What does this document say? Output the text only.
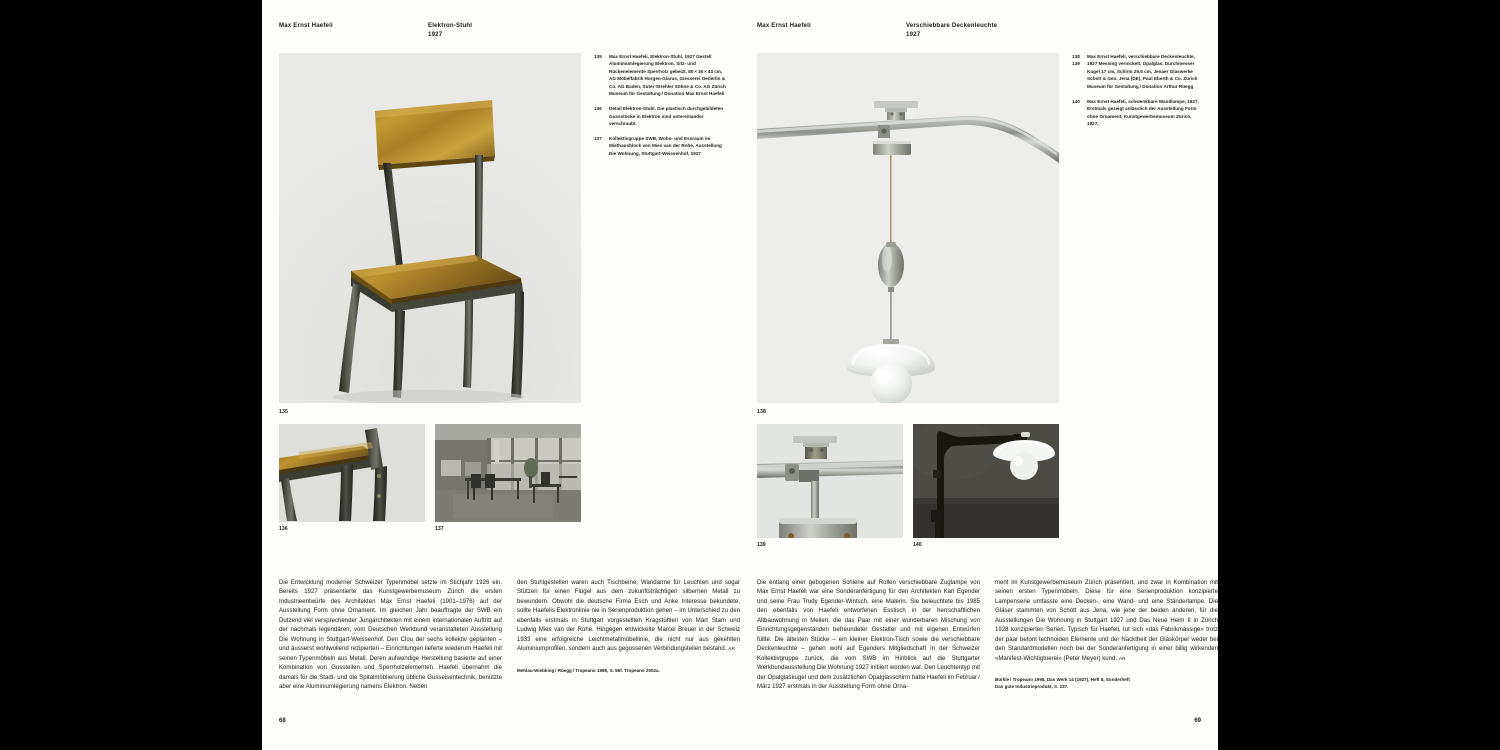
Max Ernst Haefeli	Elektron-Stuhl
1927
135
135	Max Ernst Haefeli, Elektron-Stuhl, 1927 Gestell Aluminiumlegierung Elektron, Sitz- und Rückenelemente Sperrholz gebeizt, 80 × 36 × 43 cm, AG Möbelfabrik Horgen-Glarus, Giesserei Oederlin & Co. AG Baden, Suter-Strehler Söhne & Co. AG Zürich Museum für Gestaltung / Donation Max Ernst Haefeli
136	Detail Elektron-Stuhl. Die plastisch durchgebildeten Gussstücke in Elektron sind untereinander verschraubt.
137	Kollektivgruppe SWB, Wohn- und Essraum im Miethausblock von Mies van der Rohe, Ausstellung Die Wohnung, Stuttgart-Weissenhof, 1927
136	137

Die Entwicklung moderner Schweizer Typenmöbel setzte im Stichjahr 1926 ein. Bereits 1927 präsentierte das Kunstgewerbemuseum Zürich die ersten Industrieentwürfe des Architekten Max Ernst Haefeli (1901–1976) auf der Ausstellung Form ohne Ornament. Im gleichen Jahr beauftragte der SWB ein Dutzend viel versprechender Jungarchitekten mit einem internationalen Auftritt auf der nachmals legendären, vom Deutschen Werkbund veranstalteten Ausstellung Die Wohnung in Stuttgart-Weissenhof. Den Clou der sechs kollektiv geplanten – und äusserst wohlwollend rezipierten – Einrichtungen lieferte wiederum Haefeli mit seinen Typenmöbeln aus Metall. Deren aufwendige Herstellung basierte auf einer Kombination von Gussteilen und Sperrholzelementen. Haefeli übernahm die damals für die Stadt- und die Spitalmöblierung übliche Gusseisentechnik, benützte aber eine Aluminiumlegierung namens Elektron. Neben

den Stuhlgestellen waren auch Tischbeine, Wandarme für Leuchten und sogar Stützen für einen Flügel aus dem zukunftsträchtigen silbernen Metall zu bewundern. Obwohl die deutsche Firma Esch und Anke Interesse bekundete, sollte Haefelis Elektronlinie nie in Serienproduktion gehen – im Unterschied zu den ebenfalls erstmals in Stuttgart vorgestellten Kragstühlen von Mart Stam und Ludwig Mies van der Rohe. Hingegen entwickelte Marcel Breuer in der Schweiz 1933 eine erfolgreiche Leichtmetallmöbellinie, die nicht nur aus gekehlten Aluminiumprofilen, sondern auch aus gegossenen Verbindungsteilen bestand. AR

Mehlau-Wiebking / Rüegg / Tropeano 1989, S. 56f. Tropeano 2002a.
68
Max Ernst Haefeli	Verschiebbare Deckenleuchte
1927
138
138
139
Max Ernst Haefeli, verschiebbare Deckenleuchte, 1927 Messing vernickelt, Opalglas, Durchmesser Kugel 17 cm, Schirm 29,6 cm, Jenaer Glaswerke Schott & Gen. Jena (DE), Paul Eberth & Co. Zürich Museum für Gestaltung / Donation Arthur Rüegg
140	Max Ernst Haefeli, schwenkbare Wandlampe, 1927. Erstmals gezeigt anlässlich der Ausstellung Form ohne Ornament, Kunstgewerbemuseum Zürich, 1927.
139	140

Die entlang einer gebogenen Schiene auf Rollen verschiebbare Zuglampe von Max Ernst Haefeli war eine Sonderanfertigung für den Architekten Karl Egender und seine Frau Trudy Egender-Wintsch, eine Malerin. Sie beleuchtete bis 1985 den ebenfalls von Haefeli entworfenen Esstisch in der herrschaftlichen Altbauwohnung in Meilen, die das Paar mit einer wunderbaren Mischung von Einrichtungsgegenständen befreundeter Gestalter und mit eigenen Entwürfen füllte. Die ältesten Stücke – ein kleiner Elektron-Tisch sowie die verschiebbare Deckenleuchte – gehen wohl auf Egenders Mitgliedschaft in der Schweizer Kollektivgruppe zurück, die vom SWB im Hinblick auf die Stuttgarter Werkbundausstellung Die Wohnung 1927 initiiert worden war. Den Leuchtentyp mit der Opalglaskugel und dem zusätzlichen Opalglasschirm hatte Haefeli im Februar / März 1927 erstmals in der Ausstellung Form ohne Orna-

ment im Kunstgewerbemuseum Zürich präsentiert, und zwar in Kombination mit seinen ersten Typenmöbeln. Diese für eine Serienproduktion konzipierte Lampenserie umfasste eine Decken-, eine Wand- und eine Ständerlampe. Die Gläser stammten von Schott aus Jena, wie jene der beiden anderen, für die Ausstellungen Die Wohnung in Stuttgart 1927 und Das Neue Heim II in Zürich 1928 konzipierten Serien. Typisch für Haefeli, tut sich «das Fabrikmässige» trotz der paar betont technoiden Elemente und der Nacktheit der Glaskörper weder bei den Standardmodellen noch bei der Sonderanfertigung in einer billig wirkenden «Manifest-Wichtigtuerei» (Peter Meyer) kund. AR

Bürkle / Tropeano 1995. Das Werk 14 (1927), Heft 8, Sonderheft
Das gute Industrieprodukt, S. 237.
69
